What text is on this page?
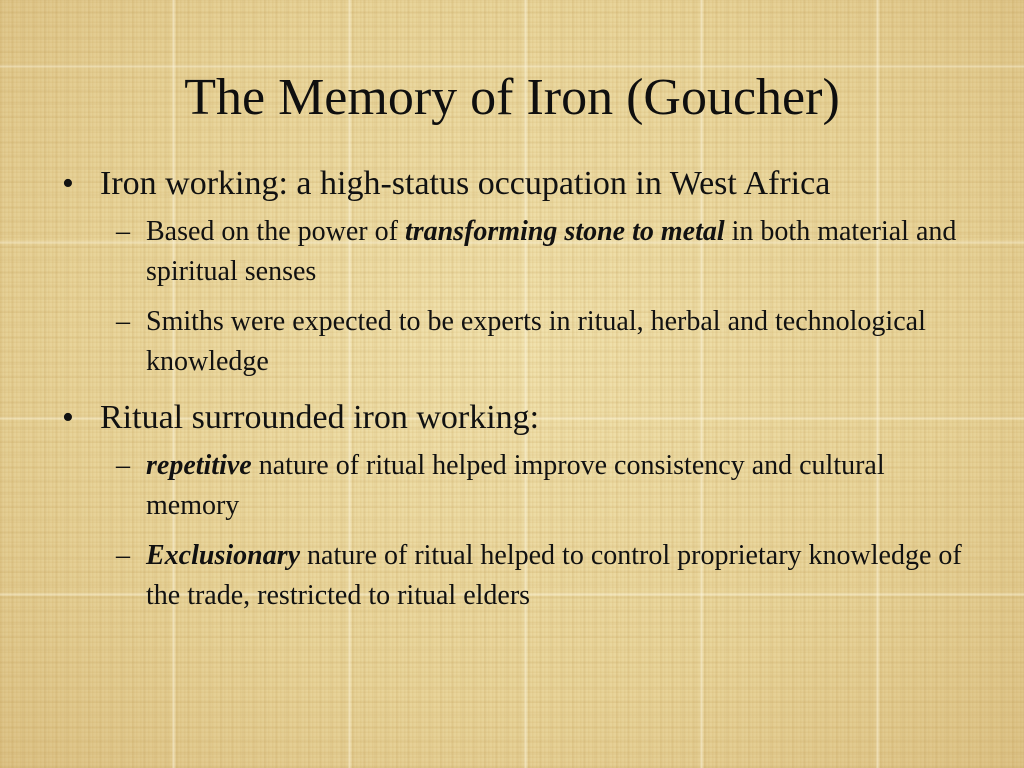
The Memory of Iron (Goucher)
• Iron working: a high-status occupation in West Africa
– Based on the power of transforming stone to metal in both material and spiritual senses
– Smiths were expected to be experts in ritual, herbal and technological knowledge
• Ritual surrounded iron working:
– repetitive nature of ritual helped improve consistency and cultural memory
– Exclusionary nature of ritual helped to control proprietary knowledge of the trade, restricted to ritual elders
